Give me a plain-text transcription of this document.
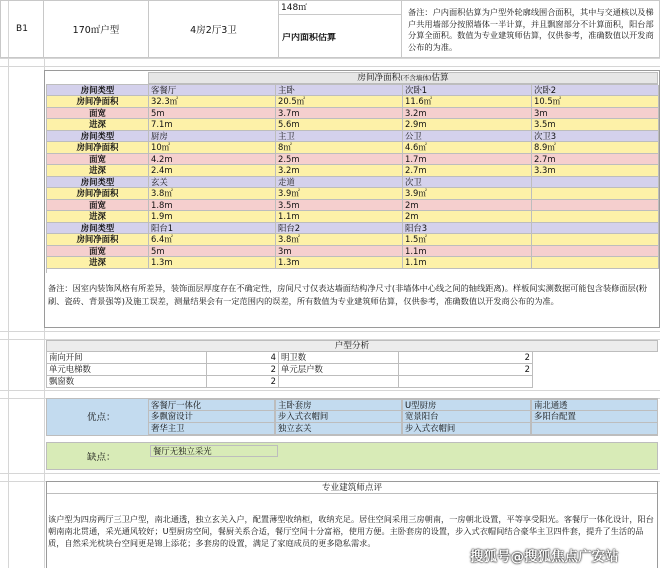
B1	170㎡户型	4房2厅3卫
148㎡
户内面积估算
备注：户内面积估算为户型外轮廓线围合面积，其中与交通核以及梯户共用墙部分按照墙体一半计算，并且飘窗部分不计算面积，阳台部分算全面积。数值为专业建筑师估算，仅供参考，准确数值以开发商公布的为准。
房间净面积(不含墙体)估算
房间类型	客餐厅	主卧	次卧1	次卧2
房间净面积	32.3㎡	20.5㎡	11.6㎡	10.5㎡
面宽	5m	3.7m	3.2m	3m
进深	7.1m	5.6m	2.9m	3.5m
房间类型	厨房	主卫	公卫	次卫3
房间净面积	10㎡	8㎡	4.6㎡	8.9㎡
面宽	4.2m	2.5m	1.7m	2.7m
进深	2.4m	3.2m	2.7m	3.3m
房间类型	玄关	走道	次卫
房间净面积	3.8㎡	3.9㎡	3.9㎡
面宽	1.8m	3.5m	2m
进深	1.9m	1.1m	2m
房间类型	阳台1	阳台2	阳台3
房间净面积	6.4㎡	3.8㎡	1.5㎡
面宽	5m	3m	1.1m
进深	1.3m	1.3m	1.1m
备注：因室内装饰风格有所差异，装饰面层厚度存在不确定性，房间尺寸仅表达墙面结构净尺寸(非墙体中心线之间的轴线距离)。样板间实测数据可能包含装修面层(粉刷、瓷砖、背景强等)及施工误差，测量结果会有一定范围内的误差，所有数值为专业建筑师估算，仅供参考，准确数值以开发商公布的为准。
户型分析
南向开间	4 明卫数	2
单元电梯数	2 单元层户数	2
飘窗数	2
优点：
客餐厅一体化	主卧套房	U型厨房	南北通透
多飘窗设计	步入式衣帽间	宽景阳台	多阳台配置
奢华主卫	独立玄关	步入式衣帽间
缺点：
餐厅无独立采光
专业建筑师点评
该户型为四房两厅三卫户型，南北通透，独立玄关入户，配置薄型收纳柜，收纳充足。居住空间采用三房朝南，一房朝北设置，平等享受阳光。客餐厅一体化设计，阳台朝南南北贯通，采光通风较好；U型厨房空间，餐厨关系合适，餐厅空间十分富裕，使用方便。主卧套房的设置，步入式衣帽间结合豪华主卫四件套，提升了生活的品质，自然采光枕块台空间更是锦上添花；多套房的设置，满足了家庭成员的更多隐私需求。
搜狐号@搜狐焦点广安站
